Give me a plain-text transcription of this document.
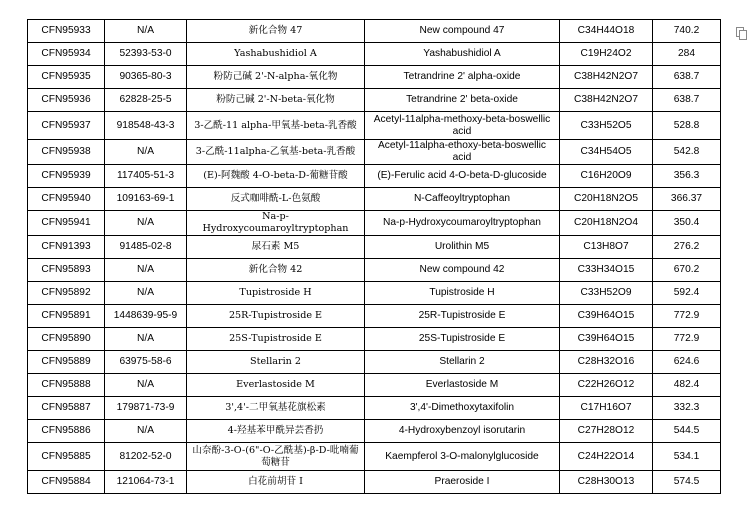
CFN95933	N/A	新化合物 47	New compound 47	C34H44O18	740.2
CFN95934	52393-53-0	Yashabushidiol A	Yashabushidiol A	C19H24O2	284
CFN95935	90365-80-3	粉防己碱 2'-N-alpha-氧化物	Tetrandrine 2' alpha-oxide	C38H42N2O7	638.7
CFN95936	62828-25-5	粉防己碱 2'-N-beta-氧化物	Tetrandrine 2' beta-oxide	C38H42N2O7	638.7
CFN95937	918548-43-3	3-乙酰-11 alpha-甲氧基-beta-乳香酸	Acetyl-11alpha-methoxy-beta-boswellic acid	C33H52O5	528.8
CFN95938	N/A	3-乙酰-11alpha-乙氧基-beta-乳香酸	Acetyl-11alpha-ethoxy-beta-boswellic acid	C34H54O5	542.8
CFN95939	117405-51-3	(E)-阿魏酸 4-O-beta-D-葡糖苷酸	(E)-Ferulic acid 4-O-beta-D-glucoside	C16H20O9	356.3
CFN95940	109163-69-1	反式咖啡酰-L-色氨酸	N-Caffeoyltryptophan	C20H18N2O5	366.37
CFN95941	N/A	Na-p-Hydroxycoumaroyltryptophan	Na-p-Hydroxycoumaroyltryptophan	C20H18N2O4	350.4
CFN91393	91485-02-8	尿石素 M5	Urolithin M5	C13H8O7	276.2
CFN95893	N/A	新化合物 42	New compound 42	C33H34O15	670.2
CFN95892	N/A	Tupistroside H	Tupistroside H	C33H52O9	592.4
CFN95891	1448639-95-9	25R-Tupistroside E	25R-Tupistroside E	C39H64O15	772.9
CFN95890	N/A	25S-Tupistroside E	25S-Tupistroside E	C39H64O15	772.9
CFN95889	63975-58-6	Stellarin 2	Stellarin 2	C28H32O16	624.6
CFN95888	N/A	Everlastoside M	Everlastoside M	C22H26O12	482.4
CFN95887	179871-73-9	3',4'-二甲氧基花旗松素	3',4'-Dimethoxytaxifolin	C17H16O7	332.3
CFN95886	N/A	4-羟基苯甲酰异芸香扔	4-Hydroxybenzoyl isorutarin	C27H28O12	544.5
CFN95885	81202-52-0	山奈酚-3-O-(6"-O-乙酰基)-β-D-吡喃葡萄糖苷	Kaempferol 3-O-malonylglucoside	C24H22O14	534.1
CFN95884	121064-73-1	白花前胡苷 I	Praeroside I	C28H30O13	574.5
